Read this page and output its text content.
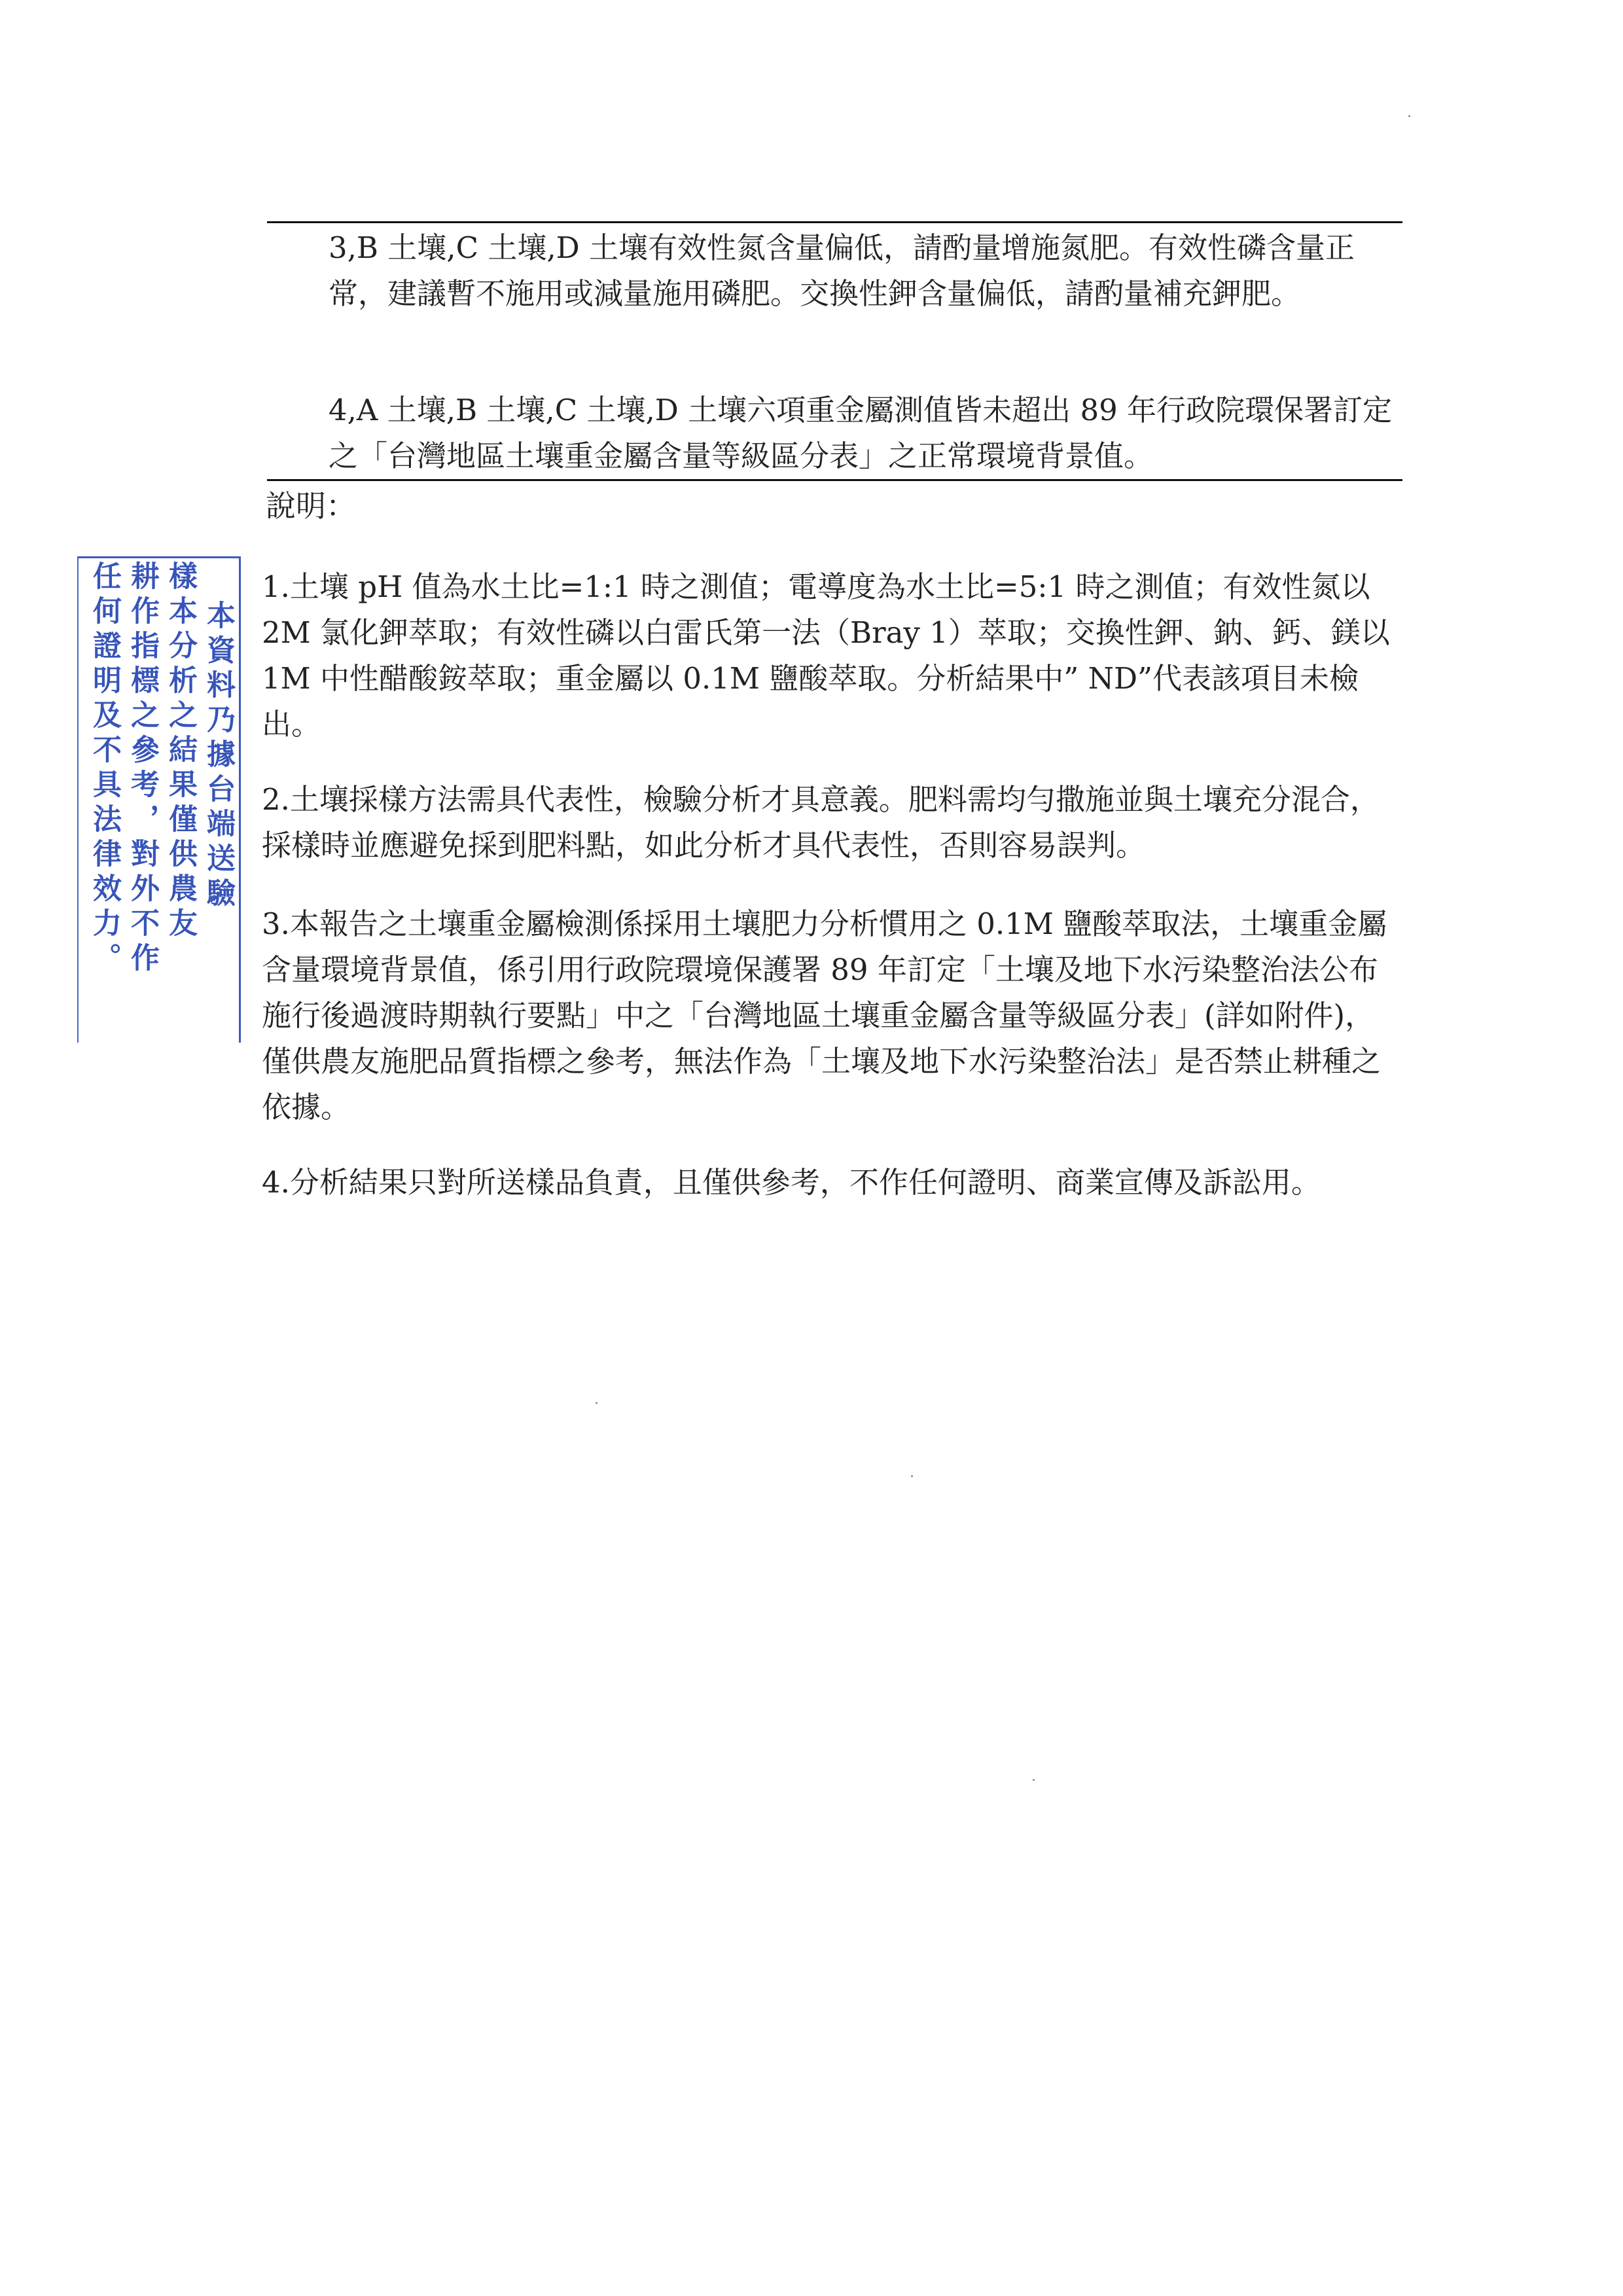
3,B 土壤,C 土壤,D 土壤有效性氮含量偏低，請酌量增施氮肥。有效性磷含量正常，建議暫不施用或減量施用磷肥。交換性鉀含量偏低，請酌量補充鉀肥。

4,A 土壤,B 土壤,C 土壤,D 土壤六項重金屬測值皆未超出 89 年行政院環保署訂定之「台灣地區土壤重金屬含量等級區分表」之正常環境背景值。

說明：

1.土壤 pH 值為水土比=1:1 時之測值；電導度為水土比=5:1 時之測值；有效性氮以 2M 氯化鉀萃取；有效性磷以白雷氏第一法（Bray 1）萃取；交換性鉀、鈉、鈣、鎂以 1M 中性醋酸銨萃取；重金屬以 0.1M 鹽酸萃取。分析結果中” ND”代表該項目未檢出。

2.土壤採樣方法需具代表性，檢驗分析才具意義。肥料需均勻撒施並與土壤充分混合，採樣時並應避免採到肥料點，如此分析才具代表性，否則容易誤判。

3.本報告之土壤重金屬檢測係採用土壤肥力分析慣用之 0.1M 鹽酸萃取法，土壤重金屬含量環境背景值，係引用行政院環境保護署 89 年訂定「土壤及地下水污染整治法公布施行後過渡時期執行要點」中之「台灣地區土壤重金屬含量等級區分表」(詳如附件)，僅供農友施肥品質指標之參考，無法作為「土壤及地下水污染整治法」是否禁止耕種之依據。

4.分析結果只對所送樣品負責，且僅供參考，不作任何證明、商業宣傳及訴訟用。

本資料乃據台端送驗
樣本分析之結果僅供農友
耕作指標之參考，對外不作
任何證明及不具法律效力。
